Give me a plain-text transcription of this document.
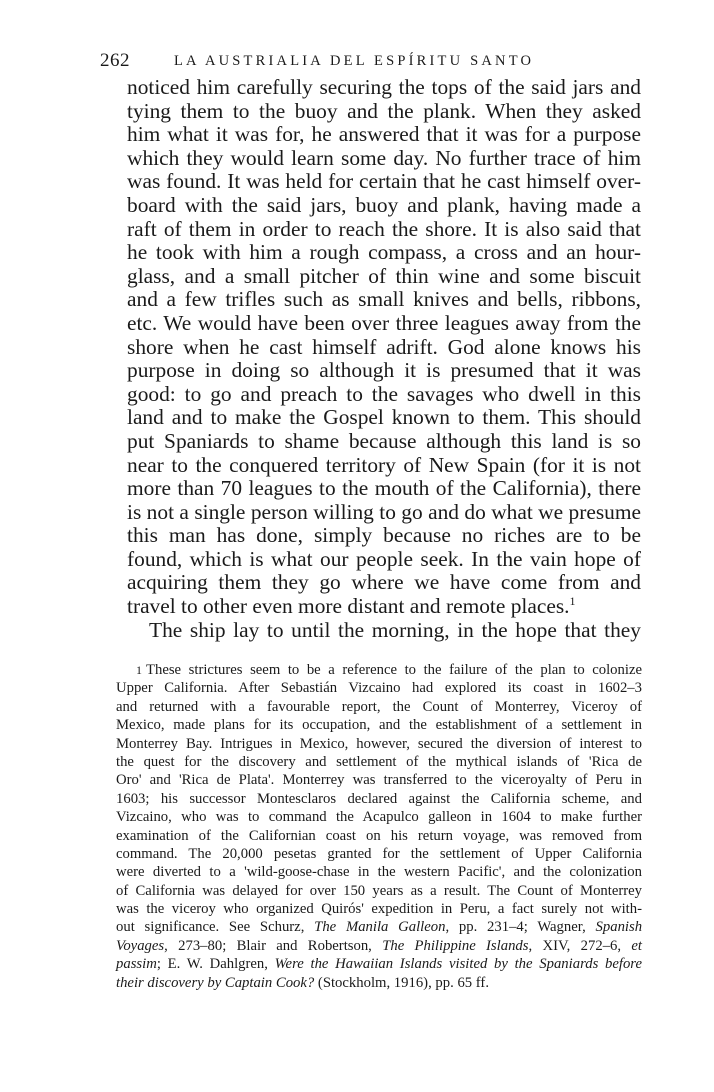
262	LA AUSTRIALIA DEL ESPÍRITU SANTO
noticed him carefully securing the tops of the said jars and
tying them to the buoy and the plank. When they asked
him what it was for, he answered that it was for a purpose
which they would learn some day. No further trace of him
was found. It was held for certain that he cast himself over-
board with the said jars, buoy and plank, having made a
raft of them in order to reach the shore. It is also said that
he took with him a rough compass, a cross and an hour-
glass, and a small pitcher of thin wine and some biscuit
and a few trifles such as small knives and bells, ribbons,
etc. We would have been over three leagues away from the
shore when he cast himself adrift. God alone knows his
purpose in doing so although it is presumed that it was
good: to go and preach to the savages who dwell in this
land and to make the Gospel known to them. This should
put Spaniards to shame because although this land is so
near to the conquered territory of New Spain (for it is not
more than 70 leagues to the mouth of the California), there
is not a single person willing to go and do what we presume
this man has done, simply because no riches are to be
found, which is what our people seek. In the vain hope of
acquiring them they go where we have come from and
travel to other even more distant and remote places.$^1$
The ship lay to until the morning, in the hope that they
1 These strictures seem to be a reference to the failure of the plan to colonize
Upper California. After Sebastián Vizcaino had explored its coast in 1602–3
and returned with a favourable report, the Count of Monterrey, Viceroy of
Mexico, made plans for its occupation, and the establishment of a settlement in
Monterrey Bay. Intrigues in Mexico, however, secured the diversion of interest to
the quest for the discovery and settlement of the mythical islands of 'Rica de
Oro' and 'Rica de Plata'. Monterrey was transferred to the viceroyalty of Peru in
1603; his successor Montesclaros declared against the California scheme, and
Vizcaino, who was to command the Acapulco galleon in 1604 to make further
examination of the Californian coast on his return voyage, was removed from
command. The 20,000 pesetas granted for the settlement of Upper California
were diverted to a 'wild-goose-chase in the western Pacific', and the colonization
of California was delayed for over 150 years as a result. The Count of Monterrey
was the viceroy who organized Quirós' expedition in Peru, a fact surely not with-
out significance. See Schurz, The Manila Galleon, pp. 231–4; Wagner, Spanish
Voyages, 273–80; Blair and Robertson, The Philippine Islands, XIV, 272–6, et
passim; E. W. Dahlgren, Were the Hawaiian Islands visited by the Spaniards before
their discovery by Captain Cook? (Stockholm, 1916), pp. 65 ff.
